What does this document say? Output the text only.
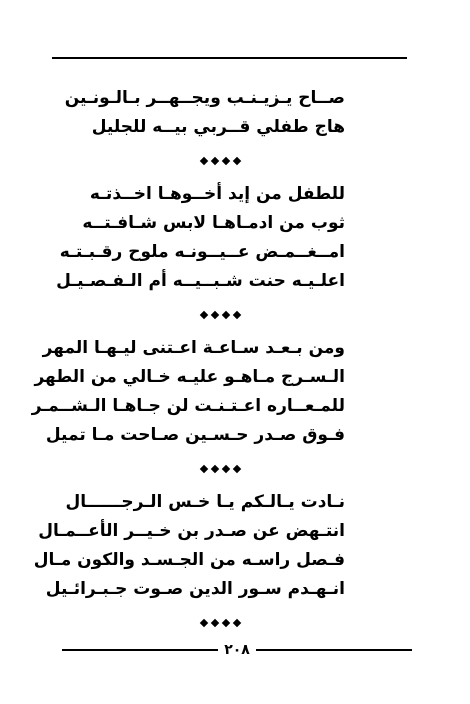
صــاح يـزيـنـب ويجــهــر بـالـونـين
هاج طفلي قــربي بيــه للجليل
للطفل من إيد أخــوهـا اخــذتـه
ثوب من ادمـاهـا لابس شـافـتــه
امــغــمـض عــيــونـه ملوح رقـبـتـه
اعلـيـه حنت شـبــيــه أم الـفـصـيـل
ومن بـعـد سـاعـة اعـتنى ليـهـا المهر
الـسـرج مـاهـو عليـه خـالي من الطهر
للمـعــاره اعـتـنـت لن جـاهـا الـشــمـر
فـوق صـدر حـسـين صـاحت مـا تميل
نـادت يـالـكم يـا خـس الـرجــــــال
انتـهض عن صـدر بن خـيــر الأعــمـال
فـصل راسـه من الجـسـد والكون مـال
انـهـدم سـور الدين صـوت جـبـرائـيل
٢٠٨
